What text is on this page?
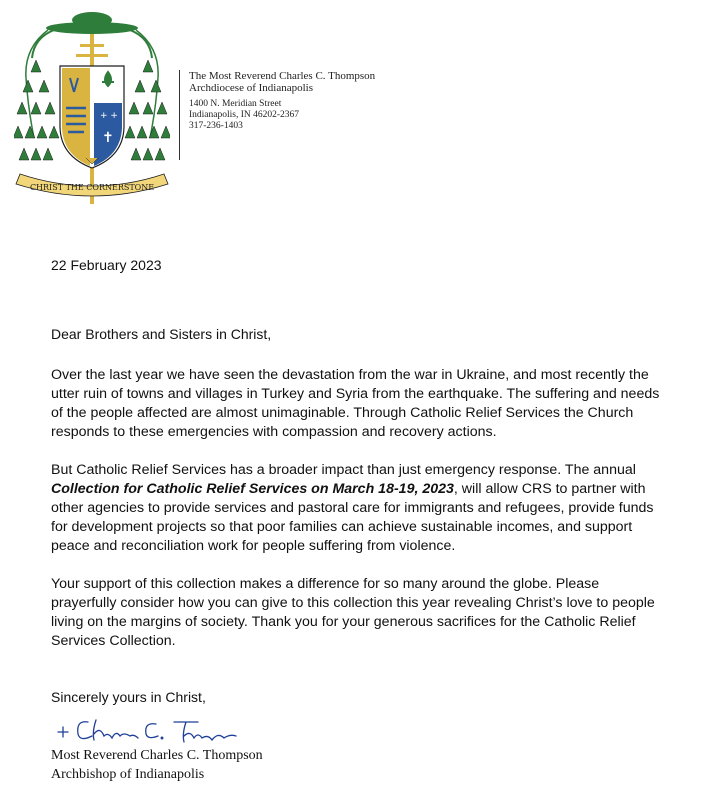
+ +
✝
CHRIST THE CORNERSTONE

The Most Reverend Charles C. Thompson

Archdiocese of Indianapolis

1400 N. Meridian Street

Indianapolis, IN 46202-2367

317-236-1403

22 February 2023
Dear Brothers and Sisters in Christ,

Over the last year we have seen the devastation from the war in Ukraine, and most recently the utter ruin of towns and villages in Turkey and Syria from the earthquake. The suffering and needs of the people affected are almost unimaginable. Through Catholic Relief Services the Church responds to these emergencies with compassion and recovery actions.

But Catholic Relief Services has a broader impact than just emergency response. The annual Collection for Catholic Relief Services on March 18-19, 2023, will allow CRS to partner with other agencies to provide services and pastoral care for immigrants and refugees, provide funds for development projects so that poor families can achieve sustainable incomes, and support peace and reconciliation work for people suffering from violence.

Your support of this collection makes a difference for so many around the globe. Please prayerfully consider how you can give to this collection this year revealing Christ’s love to people living on the margins of society. Thank you for your generous sacrifices for the Catholic Relief Services Collection.

Sincerely yours in Christ,
Most Reverend Charles C. Thompson
Archbishop of Indianapolis
